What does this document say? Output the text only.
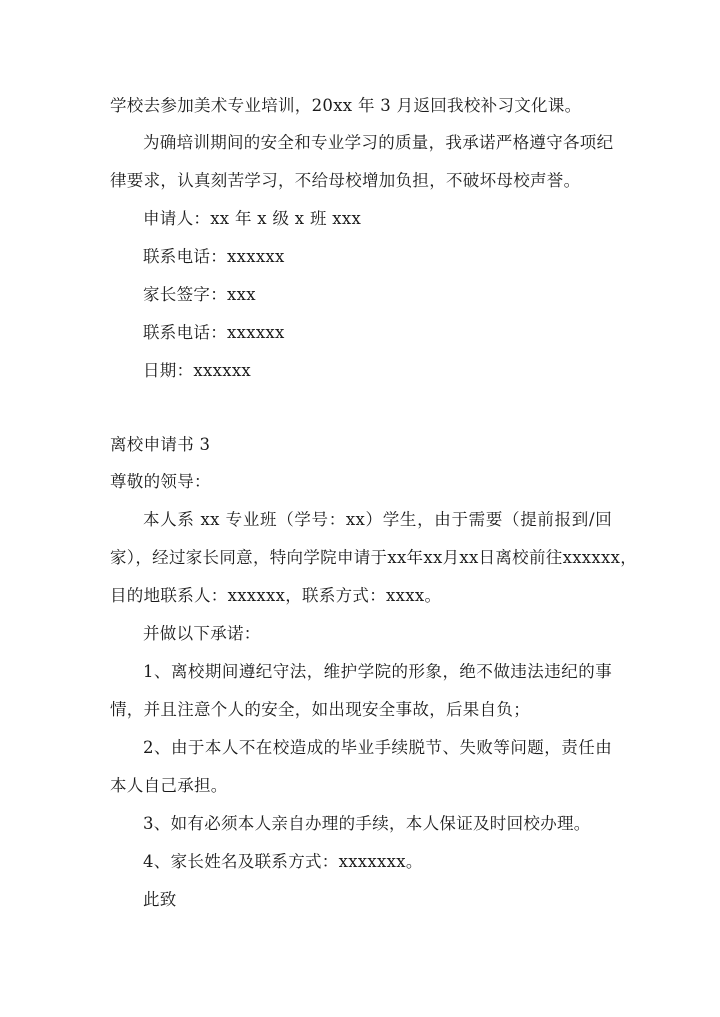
学校去参加美术专业培训，20xx 年 3 月返回我校补习文化课。
为确培训期间的安全和专业学习的质量，我承诺严格遵守各项纪
律要求，认真刻苦学习，不给母校增加负担，不破坏母校声誉。
申请人：xx 年 x 级 x 班 xxx
联系电话：xxxxxx
家长签字：xxx
联系电话：xxxxxx
日期：xxxxxx
离校申请书 3
尊敬的领导：
本人系 xx 专业班（学号：xx）学生，由于需要（提前报到/回
家），经过家长同意，特向学院申请于xx年xx月xx日离校前往xxxxxx，
目的地联系人：xxxxxx，联系方式：xxxx。
并做以下承诺：
1、离校期间遵纪守法，维护学院的形象，绝不做违法违纪的事
情，并且注意个人的安全，如出现安全事故，后果自负；
2、由于本人不在校造成的毕业手续脱节、失败等问题，责任由
本人自己承担。
3、如有必须本人亲自办理的手续，本人保证及时回校办理。
4、家长姓名及联系方式：xxxxxxx。
此致
